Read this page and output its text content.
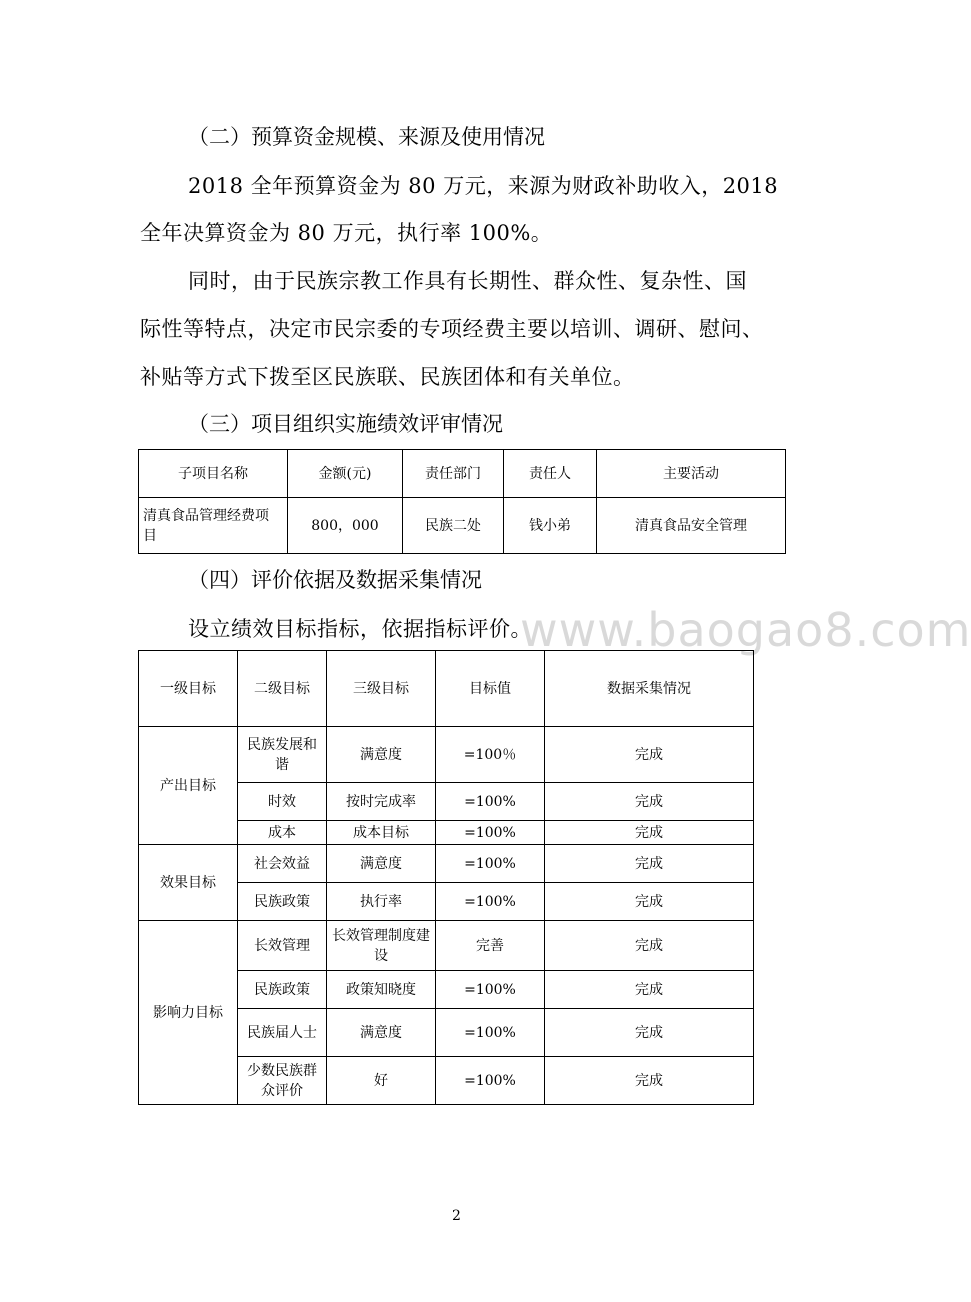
（二）预算资金规模、来源及使用情况
2018 全年预算资金为 80 万元，来源为财政补助收入，2018
全年决算资金为 80 万元，执行率 100%。
同时，由于民族宗教工作具有长期性、群众性、复杂性、国
际性等特点，决定市民宗委的专项经费主要以培训、调研、慰问、
补贴等方式下拨至区民族联、民族团体和有关单位。
（三）项目组织实施绩效评审情况
子项目名称	金额(元)	责任部门	责任人	主要活动
清真食品管理经费项目	800，000	民族二处	钱小弟	清真食品安全管理
（四）评价依据及数据采集情况
设立绩效目标指标，依据指标评价。
www.baogao8.com
一级目标	二级目标	三级目标	目标值	数据采集情况
产出目标	民族发展和谐	满意度	=100％	完成
	时效	按时完成率	=100%	完成
	成本	成本目标	=100%	完成
效果目标	社会效益	满意度	=100%	完成
	民族政策	执行率	=100%	完成
影响力目标	长效管理	长效管理制度建设	完善	完成
	民族政策	政策知晓度	=100%	完成
	民族届人士	满意度	=100%	完成
	少数民族群众评价	好	=100%	完成
2
